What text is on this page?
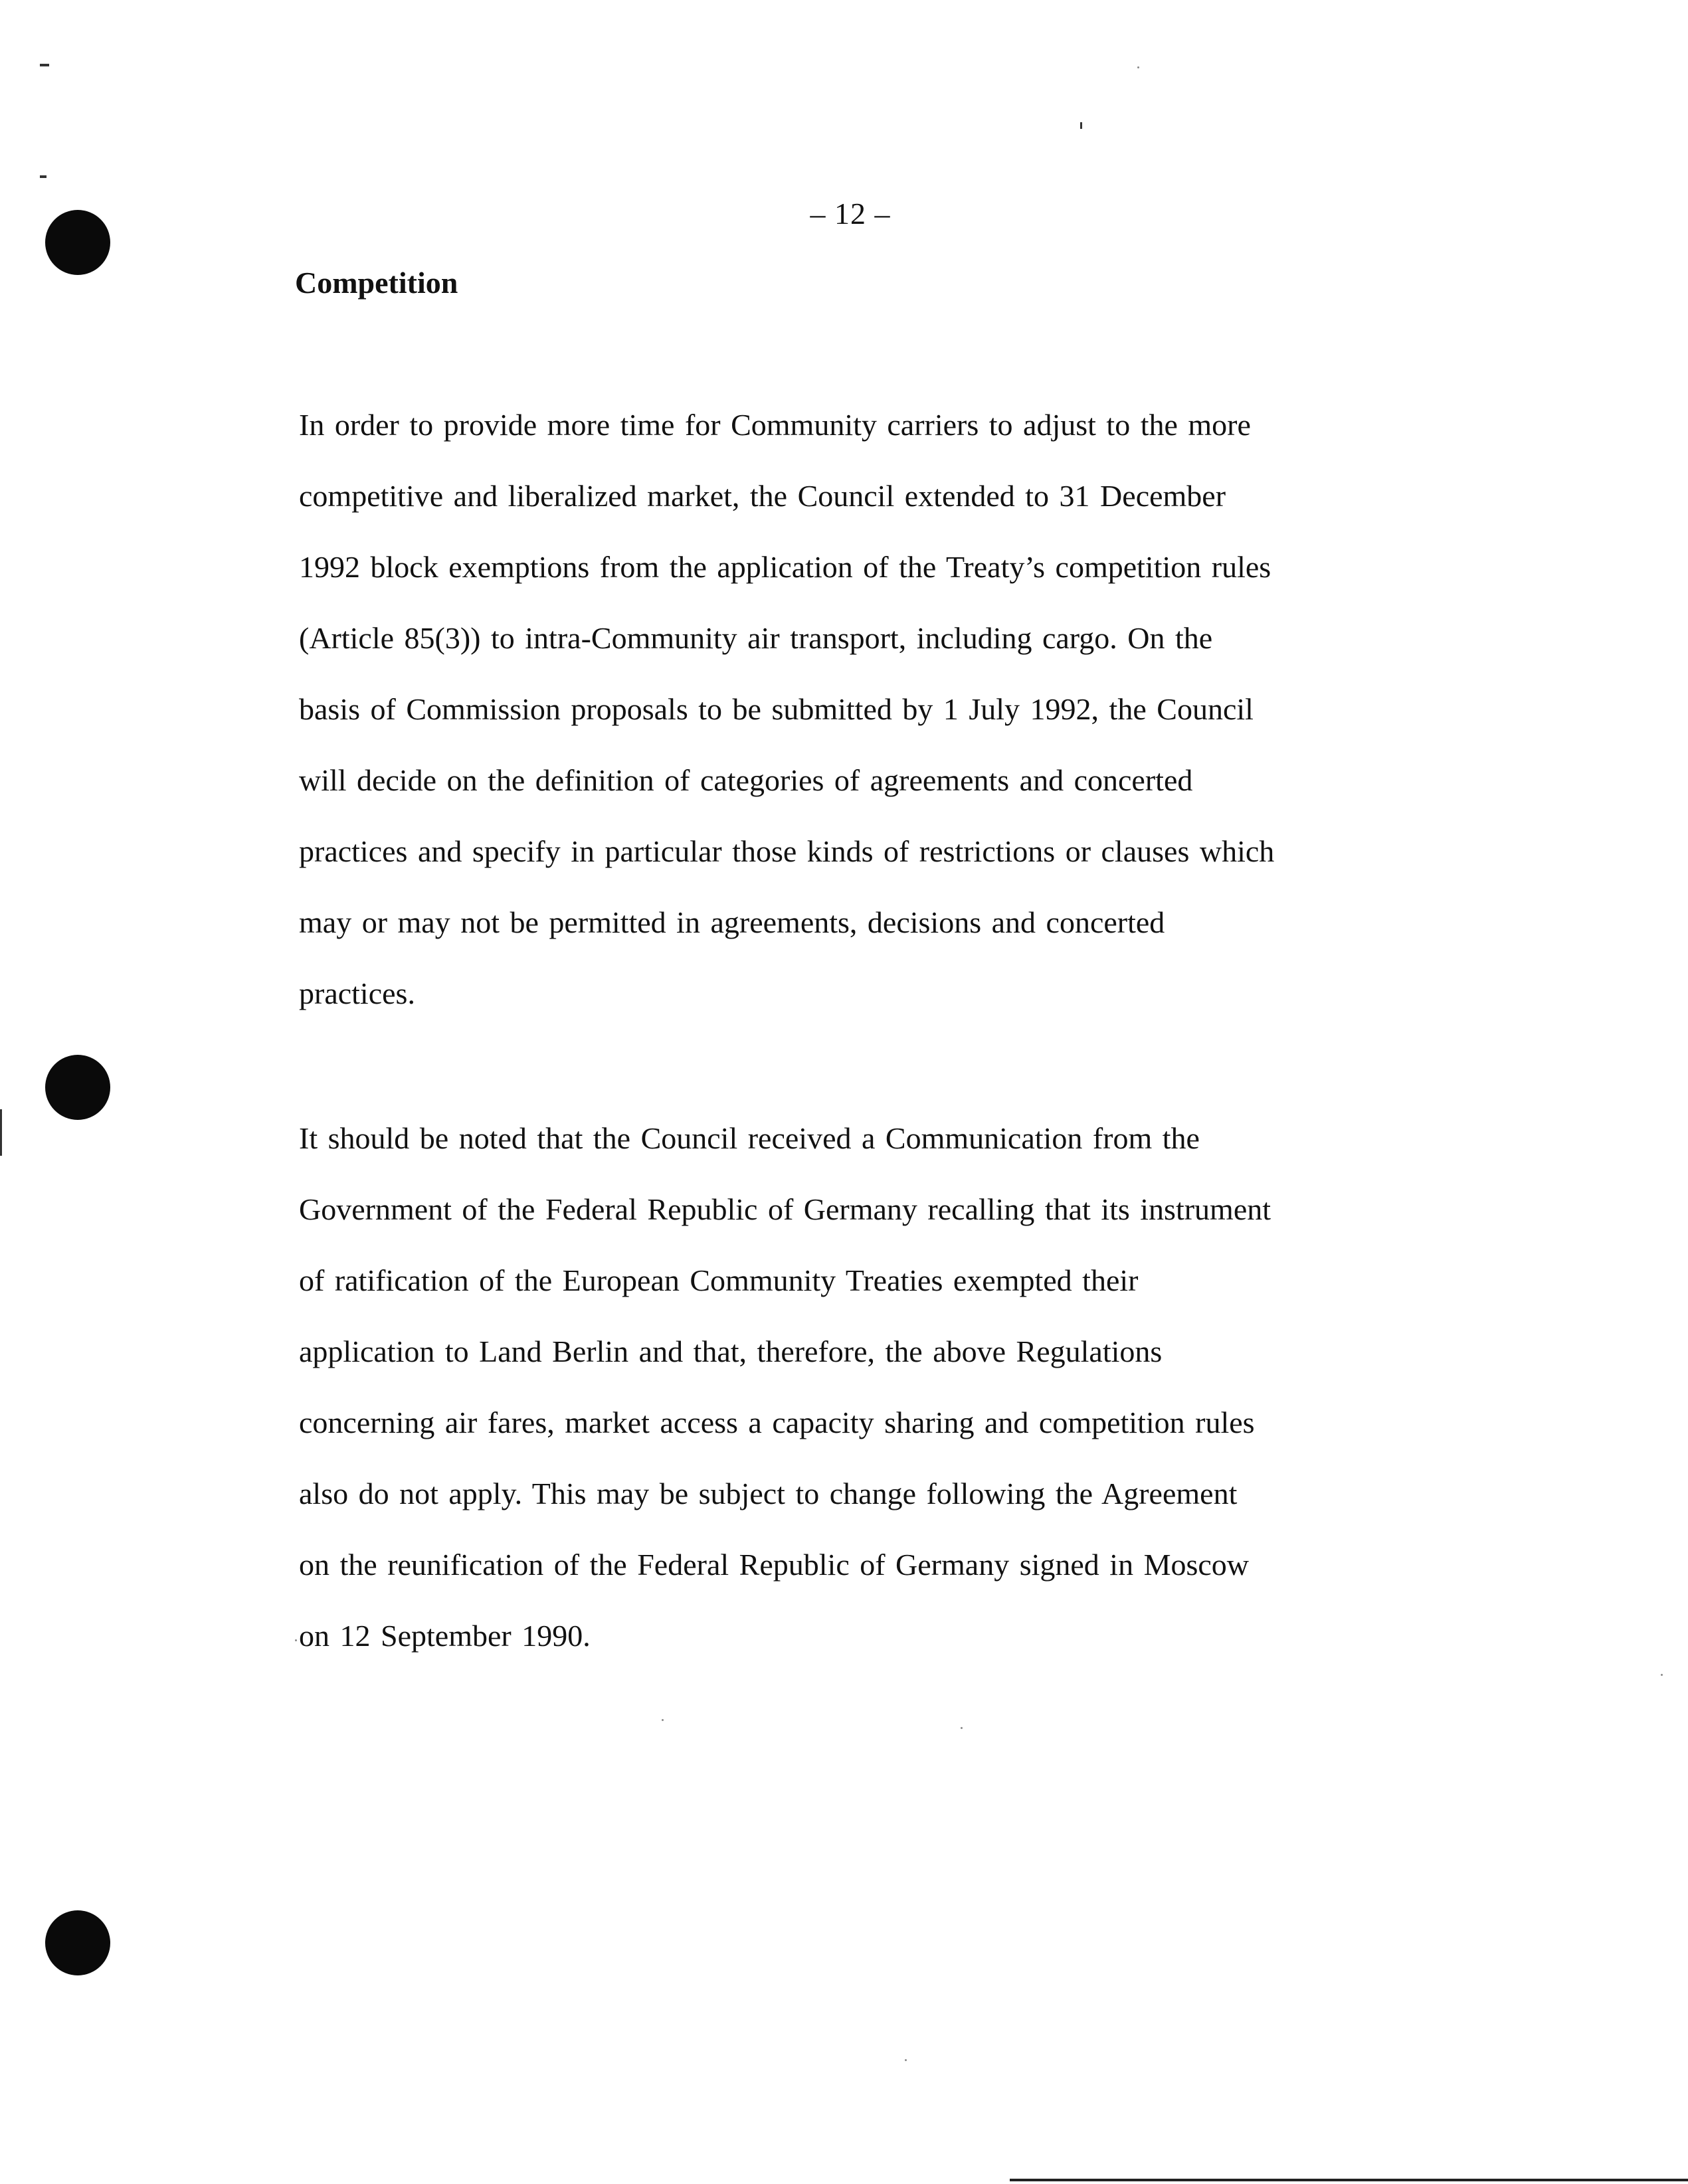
– 12 –
Competition
In order to provide more time for Community carriers to adjust to the more
competitive and liberalized market, the Council extended to 31 December
1992 block exemptions from the application of the Treaty’s competition rules
(Article 85(3)) to intra-Community air transport, including cargo. On the
basis of Commission proposals to be submitted by 1 July 1992, the Council
will decide on the definition of categories of agreements and concerted
practices and specify in particular those kinds of restrictions or clauses which
may or may not be permitted in agreements, decisions and concerted
practices.
It should be noted that the Council received a Communication from the
Government of the Federal Republic of Germany recalling that its instrument
of ratification of the European Community Treaties exempted their
application to Land Berlin and that, therefore, the above Regulations
concerning air fares, market access a capacity sharing and competition rules
also do not apply. This may be subject to change following the Agreement
on the reunification of the Federal Republic of Germany signed in Moscow
on 12 September 1990.
